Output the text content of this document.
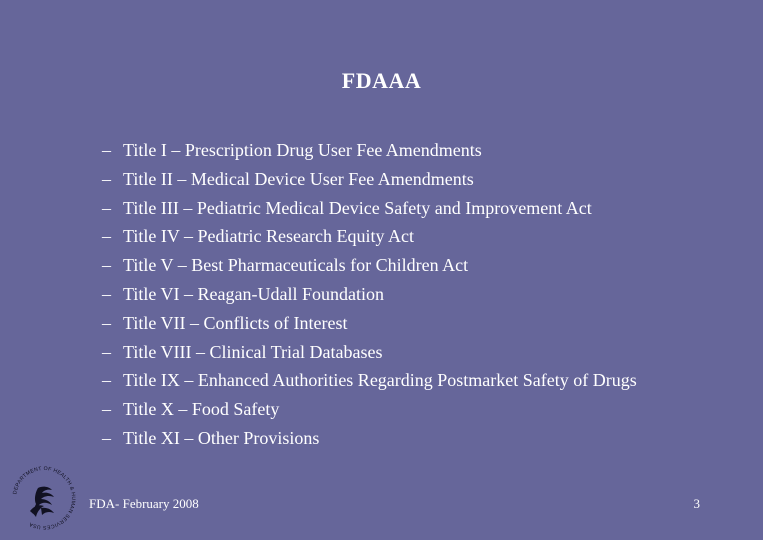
FDAAA
– Title I – Prescription Drug User Fee Amendments
– Title II – Medical Device User Fee Amendments
– Title III – Pediatric Medical Device Safety and Improvement Act
– Title IV – Pediatric Research Equity Act
– Title V – Best Pharmaceuticals for Children Act
– Title VI – Reagan-Udall Foundation
– Title VII – Conflicts of Interest
– Title VIII – Clinical Trial Databases
– Title IX – Enhanced Authorities Regarding Postmarket Safety of Drugs
– Title X – Food Safety
– Title XI – Other Provisions
DEPARTMENT OF HEALTH & HUMAN SERVICES USA
FDA- February 2008	3
